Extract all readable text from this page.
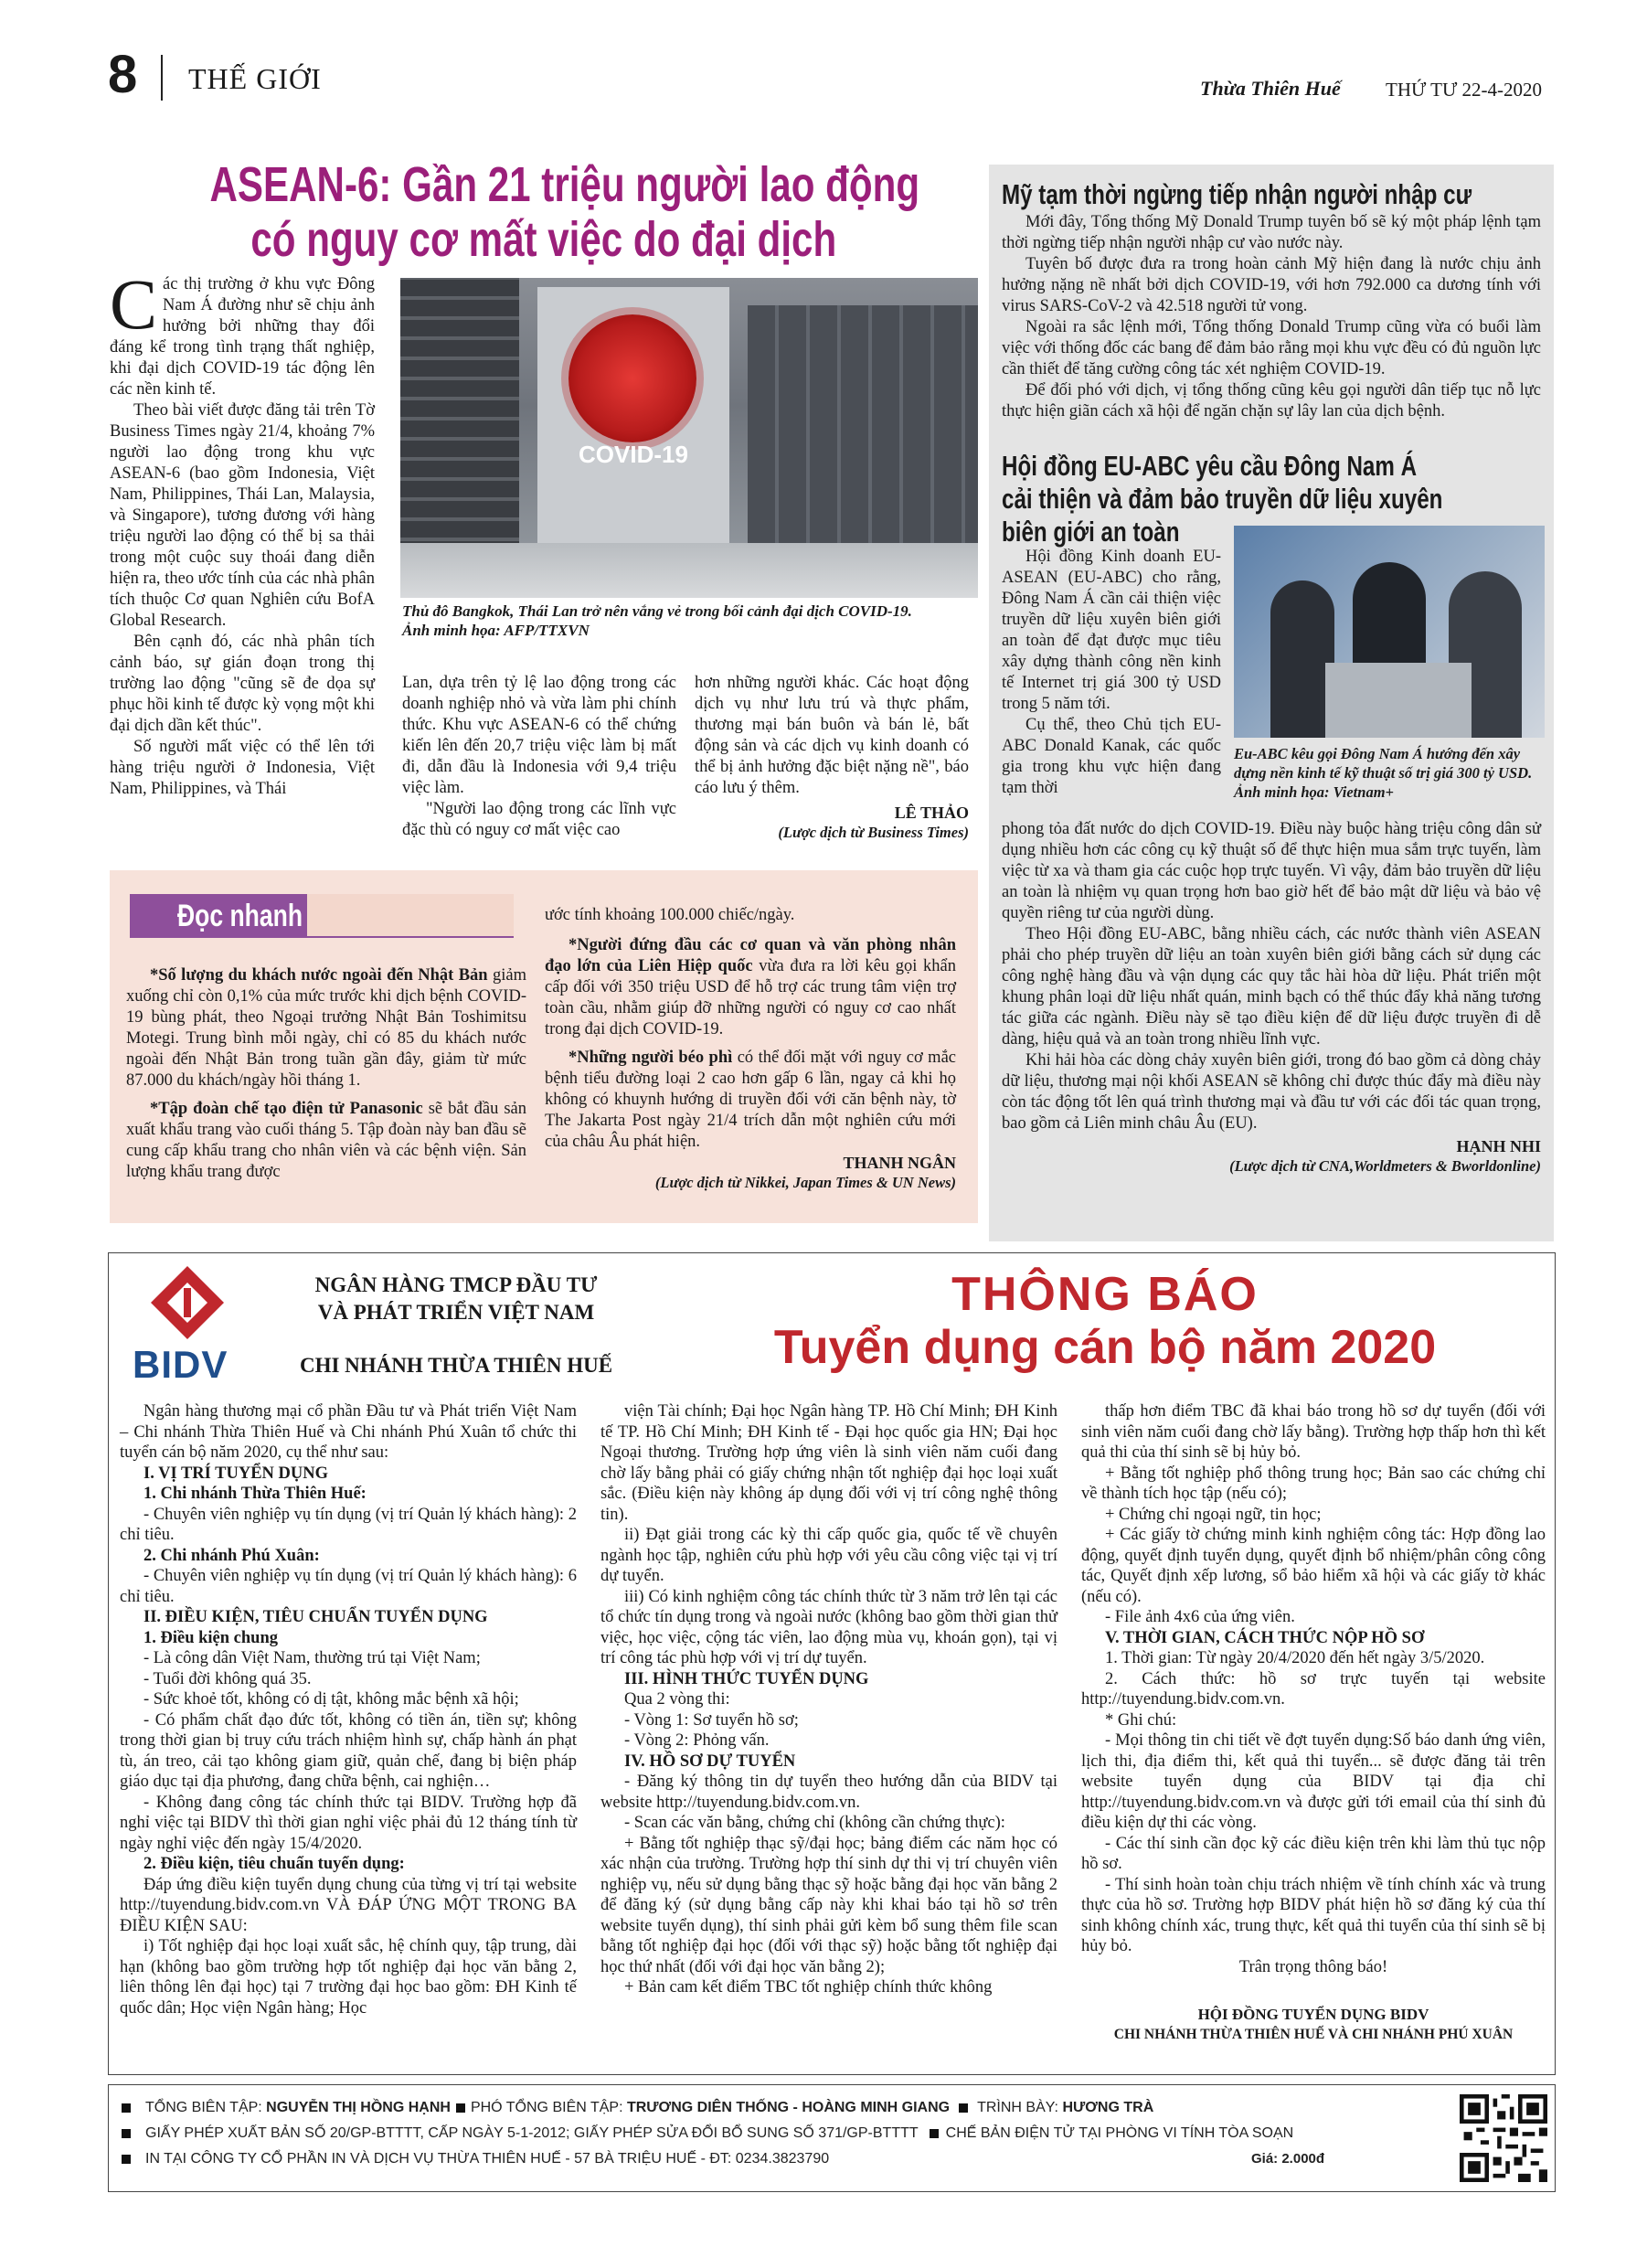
8 THẾ GIỚI	Thừa Thiên Huế THỨ TƯ 22-4-2020
ASEAN-6: Gần 21 triệu người lao động
có nguy cơ mất việc do đại dịch

Các thị trường ở khu vực Đông Nam Á đường như sẽ chịu ảnh hưởng bởi những thay đổi đáng kể trong tình trạng thất nghiệp, khi đại dịch COVID-19 tác động lên các nền kinh tế.

Theo bài viết được đăng tải trên Tờ Business Times ngày 21/4, khoảng 7% người lao động trong khu vực ASEAN-6 (bao gồm Indonesia, Việt Nam, Philippines, Thái Lan, Malaysia, và Singapore), tương đương với hàng triệu người lao động có thể bị sa thải trong một cuộc suy thoái đang diễn hiện ra, theo ước tính của các nhà phân tích thuộc Cơ quan Nghiên cứu BofA Global Research.

Bên cạnh đó, các nhà phân tích cảnh báo, sự gián đoạn trong thị trường lao động "cũng sẽ đe dọa sự phục hồi kinh tế được kỳ vọng một khi đại dịch dần kết thúc".

Số người mất việc có thể lên tới hàng triệu người ở Indonesia, Việt Nam, Philippines, và Thái

COVID-19
Thủ đô Bangkok, Thái Lan trở nên vắng vẻ trong bối cảnh đại dịch COVID-19. Ảnh minh họa: AFP/TTXVN

Lan, dựa trên tỷ lệ lao động trong các doanh nghiệp nhỏ và vừa làm phi chính thức. Khu vực ASEAN-6 có thể chứng kiến lên đến 20,7 triệu việc làm bị mất đi, dẫn đầu là Indonesia với 9,4 triệu việc làm.

"Người lao động trong các lĩnh vực đặc thù có nguy cơ mất việc cao

hơn những người khác. Các hoạt động dịch vụ như lưu trú và thực phẩm, thương mại bán buôn và bán lẻ, bất động sản và các dịch vụ kinh doanh có thể bị ảnh hưởng đặc biệt nặng nề", báo cáo lưu ý thêm.

LÊ THẢO
(Lược dịch từ Business Times)
Mỹ tạm thời ngừng tiếp nhận người nhập cư

Mới đây, Tổng thống Mỹ Donald Trump tuyên bố sẽ ký một pháp lệnh tạm thời ngừng tiếp nhận người nhập cư vào nước này.

Tuyên bố được đưa ra trong hoàn cảnh Mỹ hiện đang là nước chịu ảnh hưởng nặng nề nhất bởi dịch COVID-19, với hơn 792.000 ca dương tính với virus SARS-CoV-2 và 42.518 người tử vong.

Ngoài ra sắc lệnh mới, Tổng thống Donald Trump cũng vừa có buổi làm việc với thống đốc các bang để đảm bảo rằng mọi khu vực đều có đủ nguồn lực cần thiết để tăng cường công tác xét nghiệm COVID-19.

Để đối phó với dịch, vị tổng thống cũng kêu gọi người dân tiếp tục nỗ lực thực hiện giãn cách xã hội để ngăn chặn sự lây lan của dịch bệnh.

Hội đồng EU-ABC yêu cầu Đông Nam Á
cải thiện và đảm bảo truyền dữ liệu xuyên
biên giới an toàn

Hội đồng Kinh doanh EU-ASEAN (EU-ABC) cho rằng, Đông Nam Á cần cải thiện việc truyền dữ liệu xuyên biên giới an toàn để đạt được mục tiêu xây dựng thành công nền kinh tế Internet trị giá 300 tỷ USD trong 5 năm tới.

Cụ thể, theo Chủ tịch EU-ABC Donald Kanak, các quốc gia trong khu vực hiện đang tạm thời

Eu-ABC kêu gọi Đông Nam Á hướng đến xây dựng nền kinh tế kỹ thuật số trị giá 300 tỷ USD. Ảnh minh họa: Vietnam+

phong tỏa đất nước do dịch COVID-19. Điều này buộc hàng triệu công dân sử dụng nhiều hơn các công cụ kỹ thuật số để thực hiện mua sắm trực tuyến, làm việc từ xa và tham gia các cuộc họp trực tuyến. Vì vậy, đảm bảo truyền dữ liệu an toàn là nhiệm vụ quan trọng hơn bao giờ hết để bảo mật dữ liệu và bảo vệ quyền riêng tư của người dùng.

Theo Hội đồng EU-ABC, bằng nhiều cách, các nước thành viên ASEAN phải cho phép truyền dữ liệu an toàn xuyên biên giới bằng cách sử dụng các công nghệ hàng đầu và vận dụng các quy tắc hài hòa dữ liệu. Phát triển một khung phân loại dữ liệu nhất quán, minh bạch có thể thúc đẩy khả năng tương tác giữa các ngành. Điều này sẽ tạo điều kiện để dữ liệu được truyền đi dễ dàng, hiệu quả và an toàn trong nhiều lĩnh vực.

Khi hải hòa các dòng chảy xuyên biên giới, trong đó bao gồm cả dòng chảy dữ liệu, thương mại nội khối ASEAN sẽ không chỉ được thúc đẩy mà điều này còn tác động tốt lên quá trình thương mại và đầu tư với các đối tác quan trọng, bao gồm cả Liên minh châu Âu (EU).

HẠNH NHI
(Lược dịch từ CNA,Worldmeters & Bworldonline)
Đọc nhanh

*Số lượng du khách nước ngoài đến Nhật Bản giảm xuống chỉ còn 0,1% của mức trước khi dịch bệnh COVID-19 bùng phát, theo Ngoại trưởng Nhật Bản Toshimitsu Motegi. Trung bình mỗi ngày, chỉ có 85 du khách nước ngoài đến Nhật Bản trong tuần gần đây, giảm từ mức 87.000 du khách/ngày hồi tháng 1.

*Tập đoàn chế tạo điện tử Panasonic sẽ bắt đầu sản xuất khẩu trang vào cuối tháng 5. Tập đoàn này ban đầu sẽ cung cấp khẩu trang cho nhân viên và các bệnh viện. Sản lượng khẩu trang được

ước tính khoảng 100.000 chiếc/ngày.

*Người đứng đầu các cơ quan và văn phòng nhân đạo lớn của Liên Hiệp quốc vừa đưa ra lời kêu gọi khẩn cấp đối với 350 triệu USD để hỗ trợ các trung tâm viện trợ toàn cầu, nhằm giúp đỡ những người có nguy cơ cao nhất trong đại dịch COVID-19.

*Những người béo phì có thể đối mặt với nguy cơ mắc bệnh tiểu đường loại 2 cao hơn gấp 6 lần, ngay cả khi họ không có khuynh hướng di truyền đối với căn bệnh này, tờ The Jakarta Post ngày 21/4 trích dẫn một nghiên cứu mới của châu Âu phát hiện.

THANH NGÂN
(Lược dịch từ Nikkei, Japan Times & UN News)
BIDV
NGÂN HÀNG TMCP ĐẦU TƯ
VÀ PHÁT TRIỂN VIỆT NAM
CHI NHÁNH THỪA THIÊN HUẾ
THÔNG BÁO
Tuyển dụng cán bộ năm 2020

Ngân hàng thương mại cổ phần Đầu tư và Phát triển Việt Nam – Chi nhánh Thừa Thiên Huế và Chi nhánh Phú Xuân tổ chức thi tuyển cán bộ năm 2020, cụ thể như sau:

I. VỊ TRÍ TUYỂN DỤNG

1. Chi nhánh Thừa Thiên Huế:

- Chuyên viên nghiệp vụ tín dụng (vị trí Quản lý khách hàng): 2 chỉ tiêu.

2. Chi nhánh Phú Xuân:

- Chuyên viên nghiệp vụ tín dụng (vị trí Quản lý khách hàng): 6 chỉ tiêu.

II. ĐIỀU KIỆN, TIÊU CHUẨN TUYỂN DỤNG

1. Điều kiện chung

- Là công dân Việt Nam, thường trú tại Việt Nam;

- Tuổi đời không quá 35.

- Sức khoẻ tốt, không có dị tật, không mắc bệnh xã hội;

- Có phẩm chất đạo đức tốt, không có tiền án, tiền sự; không trong thời gian bị truy cứu trách nhiệm hình sự, chấp hành án phạt tù, án treo, cải tạo không giam giữ, quản chế, đang bị biện pháp giáo dục tại địa phương, đang chữa bệnh, cai nghiện…

- Không đang công tác chính thức tại BIDV. Trường hợp đã nghỉ việc tại BIDV thì thời gian nghỉ việc phải đủ 12 tháng tính từ ngày nghỉ việc đến ngày 15/4/2020.

2. Điều kiện, tiêu chuẩn tuyển dụng:

Đáp ứng điều kiện tuyển dụng chung của từng vị trí tại website http://tuyendung.bidv.com.vn VÀ ĐÁP ỨNG MỘT TRONG BA ĐIỀU KIỆN SAU:

i) Tốt nghiệp đại học loại xuất sắc, hệ chính quy, tập trung, dài hạn (không bao gồm trường hợp tốt nghiệp đại học văn bằng 2, liên thông lên đại học) tại 7 trường đại học bao gồm: ĐH Kinh tế quốc dân; Học viện Ngân hàng; Học

viện Tài chính; Đại học Ngân hàng TP. Hồ Chí Minh; ĐH Kinh tế TP. Hồ Chí Minh; ĐH Kinh tế - Đại học quốc gia HN; Đại học Ngoại thương. Trường hợp ứng viên là sinh viên năm cuối đang chờ lấy bằng phải có giấy chứng nhận tốt nghiệp đại học loại xuất sắc. (Điều kiện này không áp dụng đối với vị trí công nghệ thông tin).

ii) Đạt giải trong các kỳ thi cấp quốc gia, quốc tế về chuyên ngành học tập, nghiên cứu phù hợp với yêu cầu công việc tại vị trí dự tuyển.

iii) Có kinh nghiệm công tác chính thức từ 3 năm trở lên tại các tổ chức tín dụng trong và ngoài nước (không bao gồm thời gian thử việc, học việc, cộng tác viên, lao động mùa vụ, khoán gọn), tại vị trí công tác phù hợp với vị trí dự tuyển.

III. HÌNH THỨC TUYỂN DỤNG

Qua 2 vòng thi:

- Vòng 1: Sơ tuyển hồ sơ;

- Vòng 2: Phỏng vấn.

IV. HỒ SƠ DỰ TUYỂN

- Đăng ký thông tin dự tuyển theo hướng dẫn của BIDV tại website http://tuyendung.bidv.com.vn.

- Scan các văn bằng, chứng chỉ (không cần chứng thực):

+ Bằng tốt nghiệp thạc sỹ/đại học; bảng điểm các năm học có xác nhận của trường. Trường hợp thí sinh dự thi vị trí chuyên viên nghiệp vụ, nếu sử dụng bằng thạc sỹ hoặc bằng đại học văn bằng 2 để đăng ký (sử dụng bằng cấp này khi khai báo tại hồ sơ trên website tuyển dụng), thí sinh phải gửi kèm bổ sung thêm file scan bằng tốt nghiệp đại học (đối với thạc sỹ) hoặc bằng tốt nghiệp đại học thứ nhất (đối với đại học văn bằng 2);

+ Bản cam kết điểm TBC tốt nghiệp chính thức không

thấp hơn điểm TBC đã khai báo trong hồ sơ dự tuyển (đối với sinh viên năm cuối đang chờ lấy bằng). Trường hợp thấp hơn thì kết quả thi của thí sinh sẽ bị hủy bỏ.

+ Bằng tốt nghiệp phổ thông trung học; Bản sao các chứng chỉ về thành tích học tập (nếu có);

+ Chứng chỉ ngoại ngữ, tin học;

+ Các giấy tờ chứng minh kinh nghiệm công tác: Hợp đồng lao động, quyết định tuyển dụng, quyết định bổ nhiệm/phân công công tác, Quyết định xếp lương, sổ bảo hiểm xã hội và các giấy tờ khác (nếu có).

- File ảnh 4x6 của ứng viên.

V. THỜI GIAN, CÁCH THỨC NỘP HỒ SƠ

1. Thời gian: Từ ngày 20/4/2020 đến hết ngày 3/5/2020.

2. Cách thức: hồ sơ trực tuyến tại website http://tuyendung.bidv.com.vn.

* Ghi chú:

- Mọi thông tin chi tiết về đợt tuyển dụng:Số báo danh ứng viên, lịch thi, địa điểm thi, kết quả thi tuyển... sẽ được đăng tải trên website tuyển dụng của BIDV tại địa chỉ http://tuyendung.bidv.com.vn và được gửi tới email của thí sinh đủ điều kiện dự thi các vòng.

- Các thí sinh cần đọc kỹ các điều kiện trên khi làm thủ tục nộp hồ sơ.

- Thí sinh hoàn toàn chịu trách nhiệm về tính chính xác và trung thực của hồ sơ. Trường hợp BIDV phát hiện hồ sơ đăng ký của thí sinh không chính xác, trung thực, kết quả thi tuyển của thí sinh sẽ bị hủy bỏ.

Trân trọng thông báo!

HỘI ĐỒNG TUYỂN DỤNG BIDV
CHI NHÁNH THỪA THIÊN HUẾ VÀ CHI NHÁNH PHÚ XUÂN
TỔNG BIÊN TẬP: NGUYỄN THỊ HỒNG HẠNH PHÓ TỔNG BIÊN TẬP: TRƯƠNG DIÊN THỐNG - HOÀNG MINH GIANG TRÌNH BÀY: HƯƠNG TRÀ
GIẤY PHÉP XUẤT BẢN SỐ 20/GP-BTTTT, CẤP NGÀY 5-1-2012; GIẤY PHÉP SỬA ĐỔI BỔ SUNG SỐ 371/GP-BTTTT CHẾ BẢN ĐIỆN TỬ TẠI PHÒNG VI TÍNH TÒA SOẠN
IN TẠI CÔNG TY CỔ PHẦN IN VÀ DỊCH VỤ THỪA THIÊN HUẾ - 57 BÀ TRIỆU HUẾ - ĐT: 0234.3823790	Giá: 2.000đ
